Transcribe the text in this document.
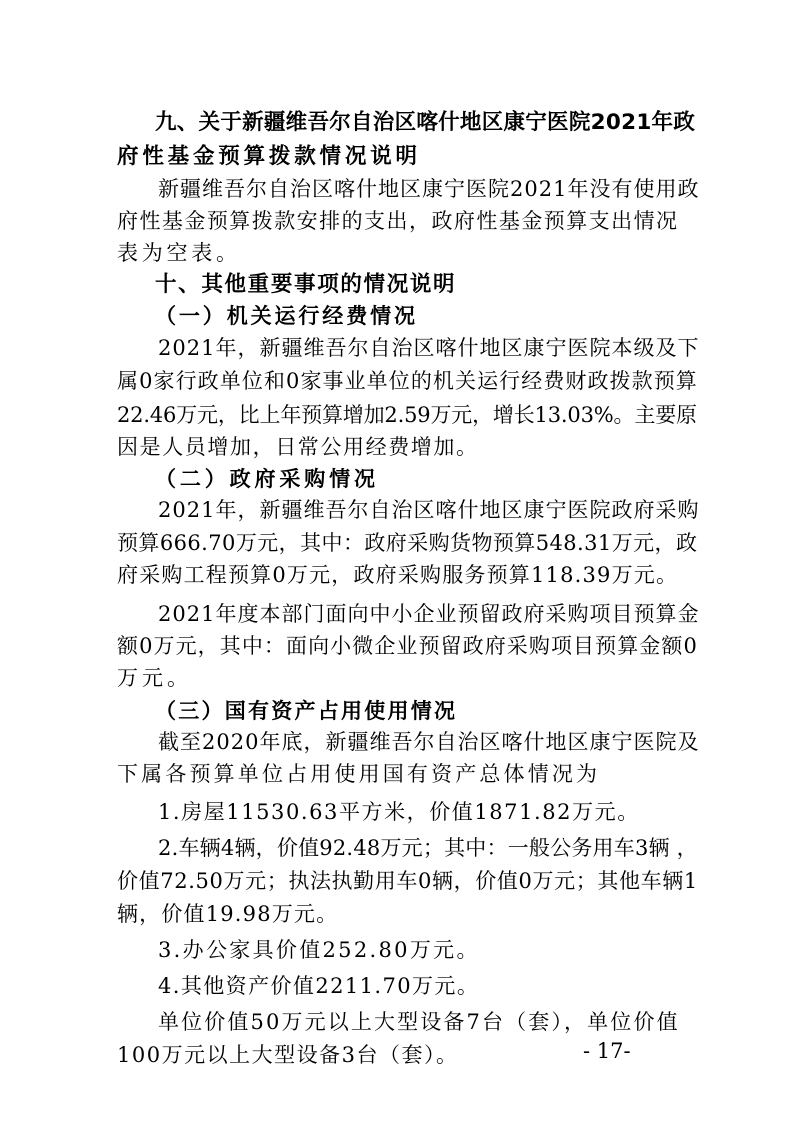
九、关于新疆维吾尔自治区喀什地区康宁医院2021年政

府性基金预算拨款情况说明

新疆维吾尔自治区喀什地区康宁医院2021年没有使用政

府性基金预算拨款安排的支出，政府性基金预算支出情况

表为空表。

十、其他重要事项的情况说明

（一）机关运行经费情况

2021年，新疆维吾尔自治区喀什地区康宁医院本级及下

属0家行政单位和0家事业单位的机关运行经费财政拨款预算

22.46万元，比上年预算增加2.59万元，增长13.03%。主要原

因是人员增加，日常公用经费增加。

（二）政府采购情况

2021年，新疆维吾尔自治区喀什地区康宁医院政府采购

预算666.70万元，其中：政府采购货物预算548.31万元，政

府采购工程预算0万元，政府采购服务预算118.39万元。

2021年度本部门面向中小企业预留政府采购项目预算金

额0万元，其中：面向小微企业预留政府采购项目预算金额0

万元。

（三）国有资产占用使用情况

截至2020年底，新疆维吾尔自治区喀什地区康宁医院及

下属各预算单位占用使用国有资产总体情况为

1.房屋11530.63平方米，价值1871.82万元。

2.车辆4辆，价值92.48万元；其中：一般公务用车3辆 ，

价值72.50万元；执法执勤用车0辆，价值0万元；其他车辆1

辆，价值19.98万元。

3.办公家具价值252.80万元。

4.其他资产价值2211.70万元。

单位价值50万元以上大型设备7台（套），单位价值

100万元以上大型设备3台（套）。	- 17-
